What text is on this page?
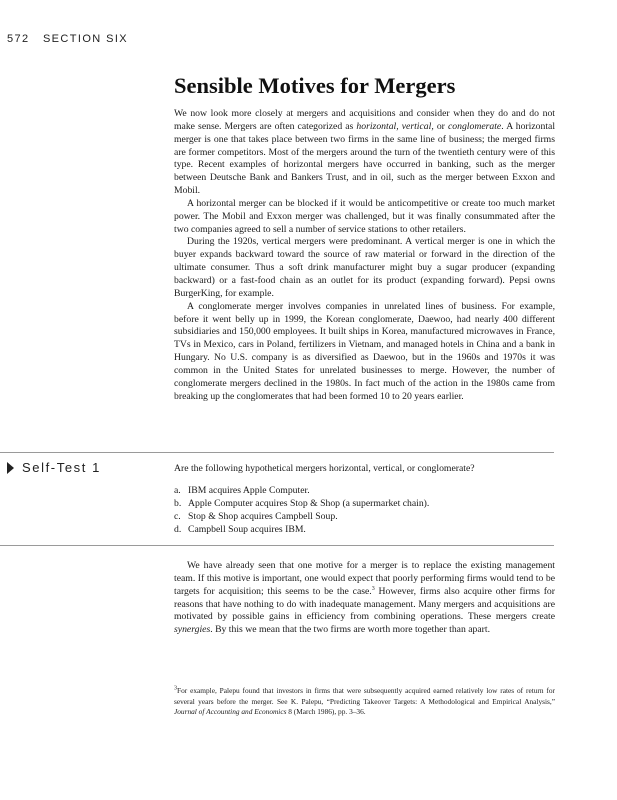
572 SECTION SIX
Sensible Motives for Mergers

We now look more closely at mergers and acquisitions and consider when they do and do not make sense. Mergers are often categorized as horizontal, vertical, or conglomerate. A horizontal merger is one that takes place between two firms in the same line of business; the merged firms are former competitors. Most of the mergers around the turn of the twentieth century were of this type. Recent examples of horizontal mergers have occurred in banking, such as the merger between Deutsche Bank and Bankers Trust, and in oil, such as the merger between Exxon and Mobil.

A horizontal merger can be blocked if it would be anticompetitive or create too much market power. The Mobil and Exxon merger was challenged, but it was finally consummated after the two companies agreed to sell a number of service stations to other retailers.

During the 1920s, vertical mergers were predominant. A vertical merger is one in which the buyer expands backward toward the source of raw material or forward in the direction of the ultimate consumer. Thus a soft drink manufacturer might buy a sugar producer (expanding backward) or a fast-food chain as an outlet for its product (expanding forward). Pepsi owns BurgerKing, for example.

A conglomerate merger involves companies in unrelated lines of business. For example, before it went belly up in 1999, the Korean conglomerate, Daewoo, had nearly 400 different subsidiaries and 150,000 employees. It built ships in Korea, manufactured microwaves in France, TVs in Mexico, cars in Poland, fertilizers in Vietnam, and managed hotels in China and a bank in Hungary. No U.S. company is as diversified as Daewoo, but in the 1960s and 1970s it was common in the United States for unrelated businesses to merge. However, the number of conglomerate mergers declined in the 1980s. In fact much of the action in the 1980s came from breaking up the conglomerates that had been formed 10 to 20 years earlier.

Self-Test 1	Are the following hypothetical mergers horizontal, vertical, or conglomerate?
a. IBM acquires Apple Computer.
b. Apple Computer acquires Stop & Shop (a supermarket chain).
c. Stop & Shop acquires Campbell Soup.
d. Campbell Soup acquires IBM.

We have already seen that one motive for a merger is to replace the existing management team. If this motive is important, one would expect that poorly performing firms would tend to be targets for acquisition; this seems to be the case.$^3$ However, firms also acquire other firms for reasons that have nothing to do with inadequate management. Many mergers and acquisitions are motivated by possible gains in efficiency from combining operations. These mergers create synergies. By this we mean that the two firms are worth more together than apart.

$^3$For example, Palepu found that investors in firms that were subsequently acquired earned relatively low rates of return for several years before the merger. See K. Palepu, “Predicting Takeover Targets: A Methodological and Empirical Analysis,” Journal of Accounting and Economics 8 (March 1986), pp. 3–36.
